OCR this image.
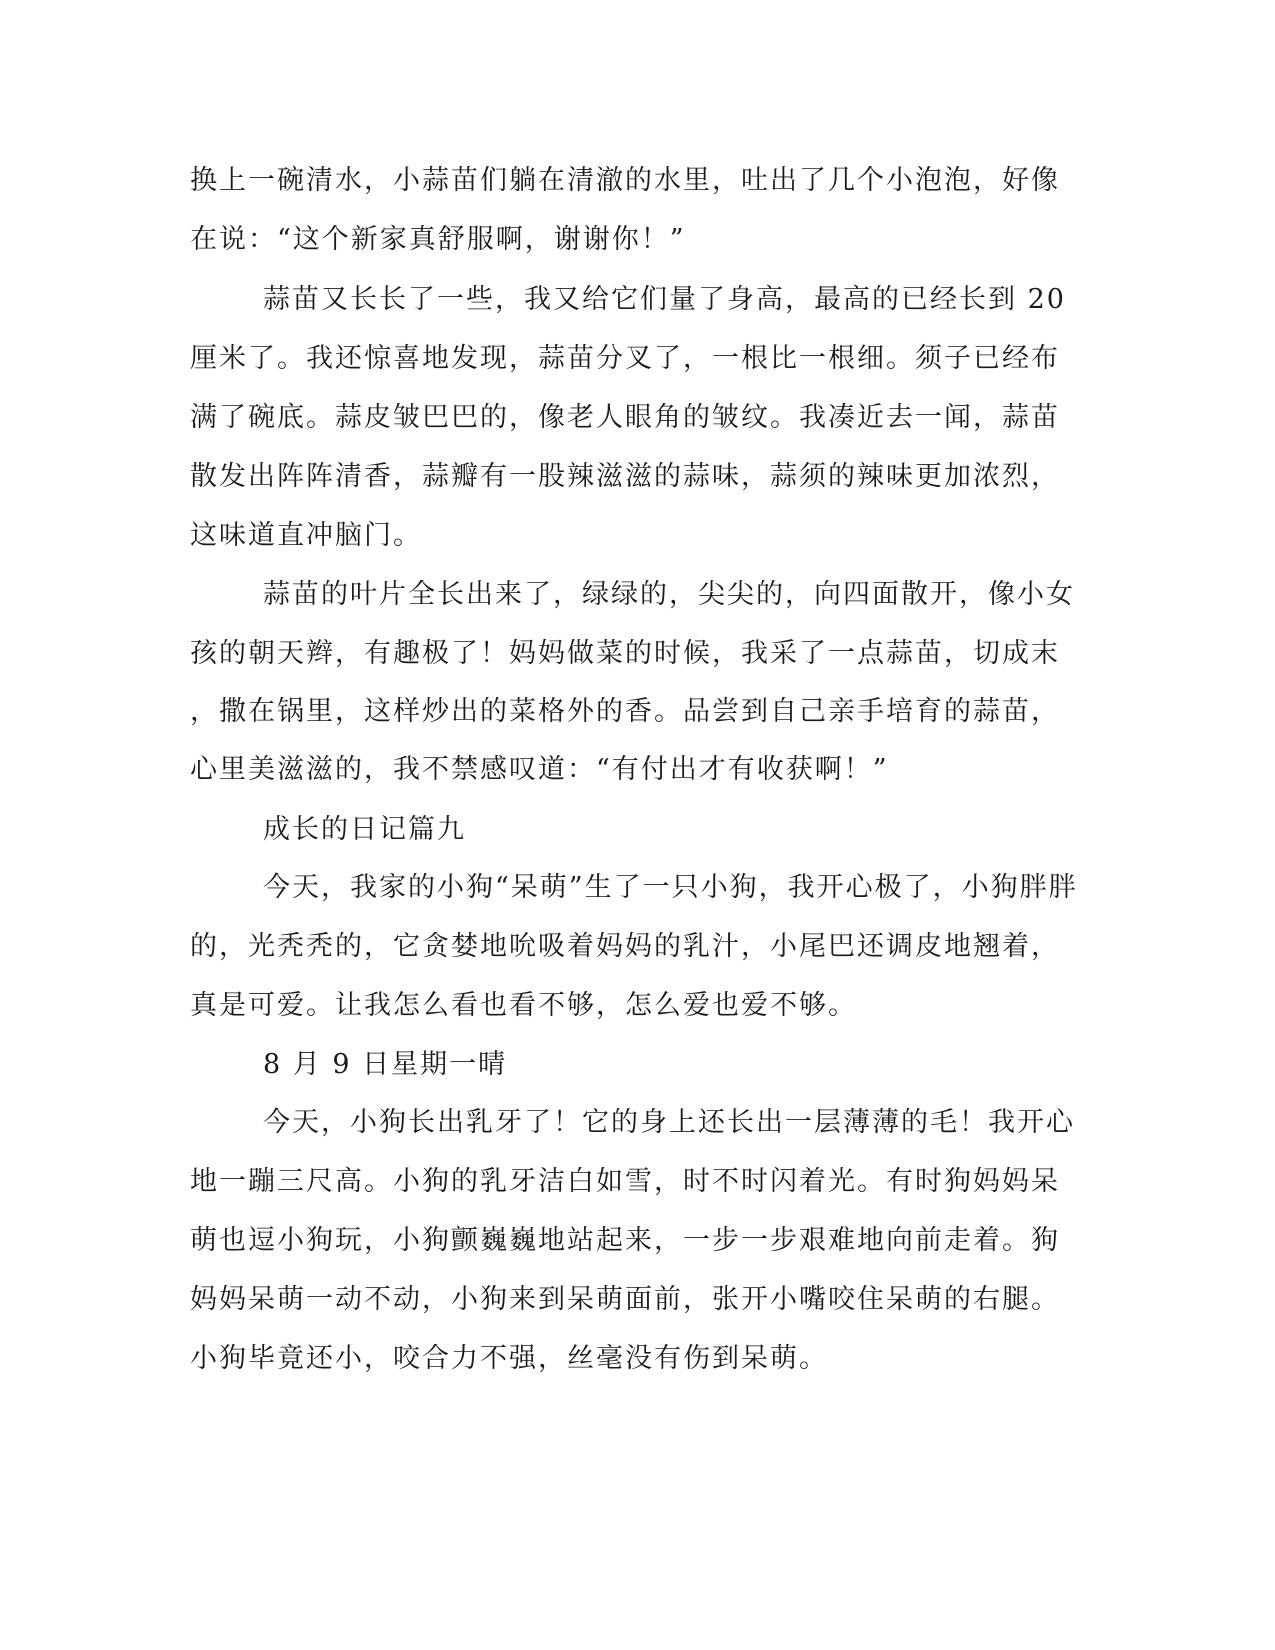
换上一碗清水，小蒜苗们躺在清澈的水里，吐出了几个小泡泡，好像
在说：“这个新家真舒服啊，谢谢你！”
蒜苗又长长了一些，我又给它们量了身高，最高的已经长到 20
厘米了。我还惊喜地发现，蒜苗分叉了，一根比一根细。须子已经布
满了碗底。蒜皮皱巴巴的，像老人眼角的皱纹。我凑近去一闻，蒜苗
散发出阵阵清香，蒜瓣有一股辣滋滋的蒜味，蒜须的辣味更加浓烈，
这味道直冲脑门。
蒜苗的叶片全长出来了，绿绿的，尖尖的，向四面散开，像小女
孩的朝天辫，有趣极了！妈妈做菜的时候，我采了一点蒜苗，切成末
，撒在锅里，这样炒出的菜格外的香。品尝到自己亲手培育的蒜苗，
心里美滋滋的，我不禁感叹道：“有付出才有收获啊！”
成长的日记篇九
今天，我家的小狗“呆萌”生了一只小狗，我开心极了，小狗胖胖
的，光秃秃的，它贪婪地吮吸着妈妈的乳汁，小尾巴还调皮地翘着，
真是可爱。让我怎么看也看不够，怎么爱也爱不够。
8 月 9 日星期一晴
今天，小狗长出乳牙了！它的身上还长出一层薄薄的毛！我开心
地一蹦三尺高。小狗的乳牙洁白如雪，时不时闪着光。有时狗妈妈呆
萌也逗小狗玩，小狗颤巍巍地站起来，一步一步艰难地向前走着。狗
妈妈呆萌一动不动，小狗来到呆萌面前，张开小嘴咬住呆萌的右腿。
小狗毕竟还小，咬合力不强，丝毫没有伤到呆萌。
